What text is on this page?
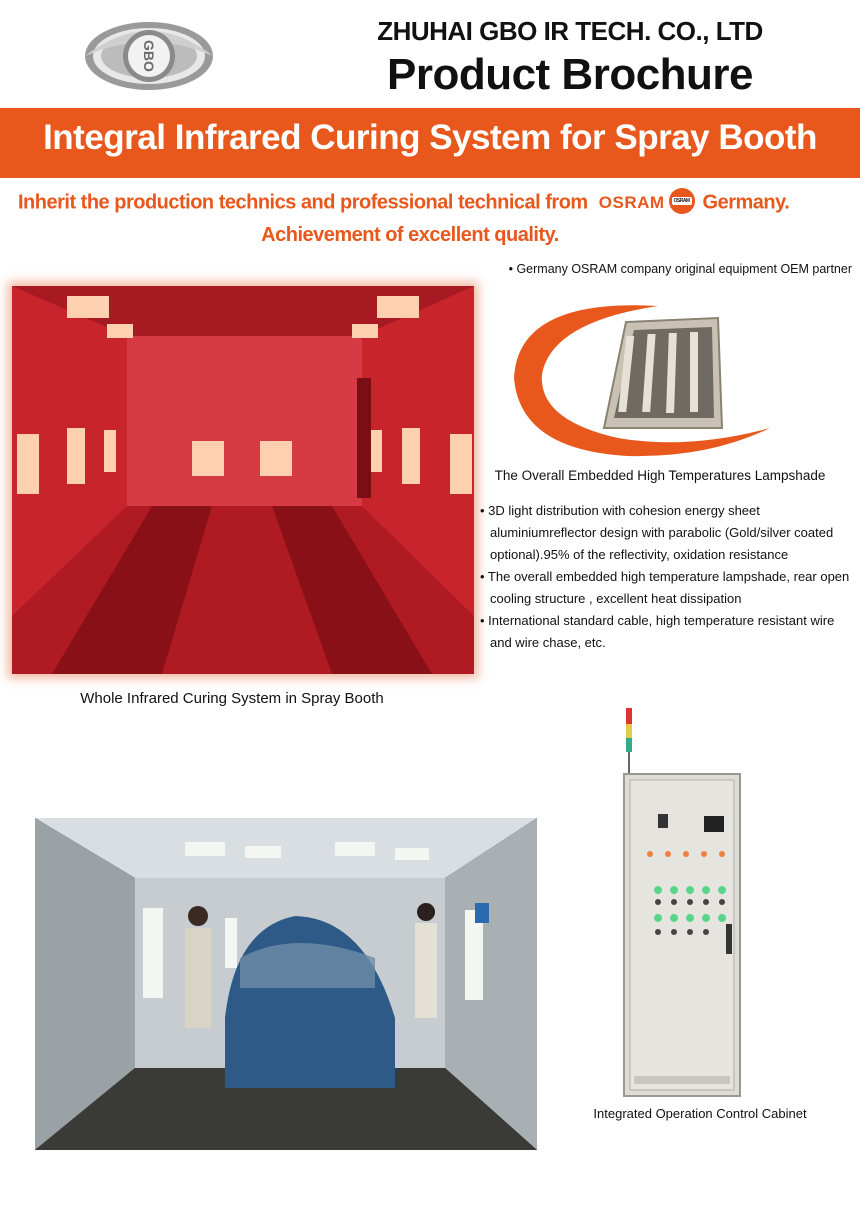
GBO
ZHUHAI GBO IR TECH. CO., LTD
Product Brochure
Integral Infrared Curing System for Spray Booth
Inherit the production technics and professional technical from OSRAM	OSRAM Germany.
Achievement of excellent quality.
• Germany OSRAM company original equipment OEM partner
Whole Infrared Curing System in Spray Booth
The Overall Embedded High Temperatures Lampshade

• 3D light distribution with cohesion energy sheet aluminiumreflector design with parabolic (Gold/silver coated optional).95% of the reflectivity, oxidation resistance

• The overall embedded high temperature lampshade, rear open cooling structure , excellent heat dissipation

• International standard cable, high temperature resistant wire and wire chase, etc.

Integrated Operation Control Cabinet
